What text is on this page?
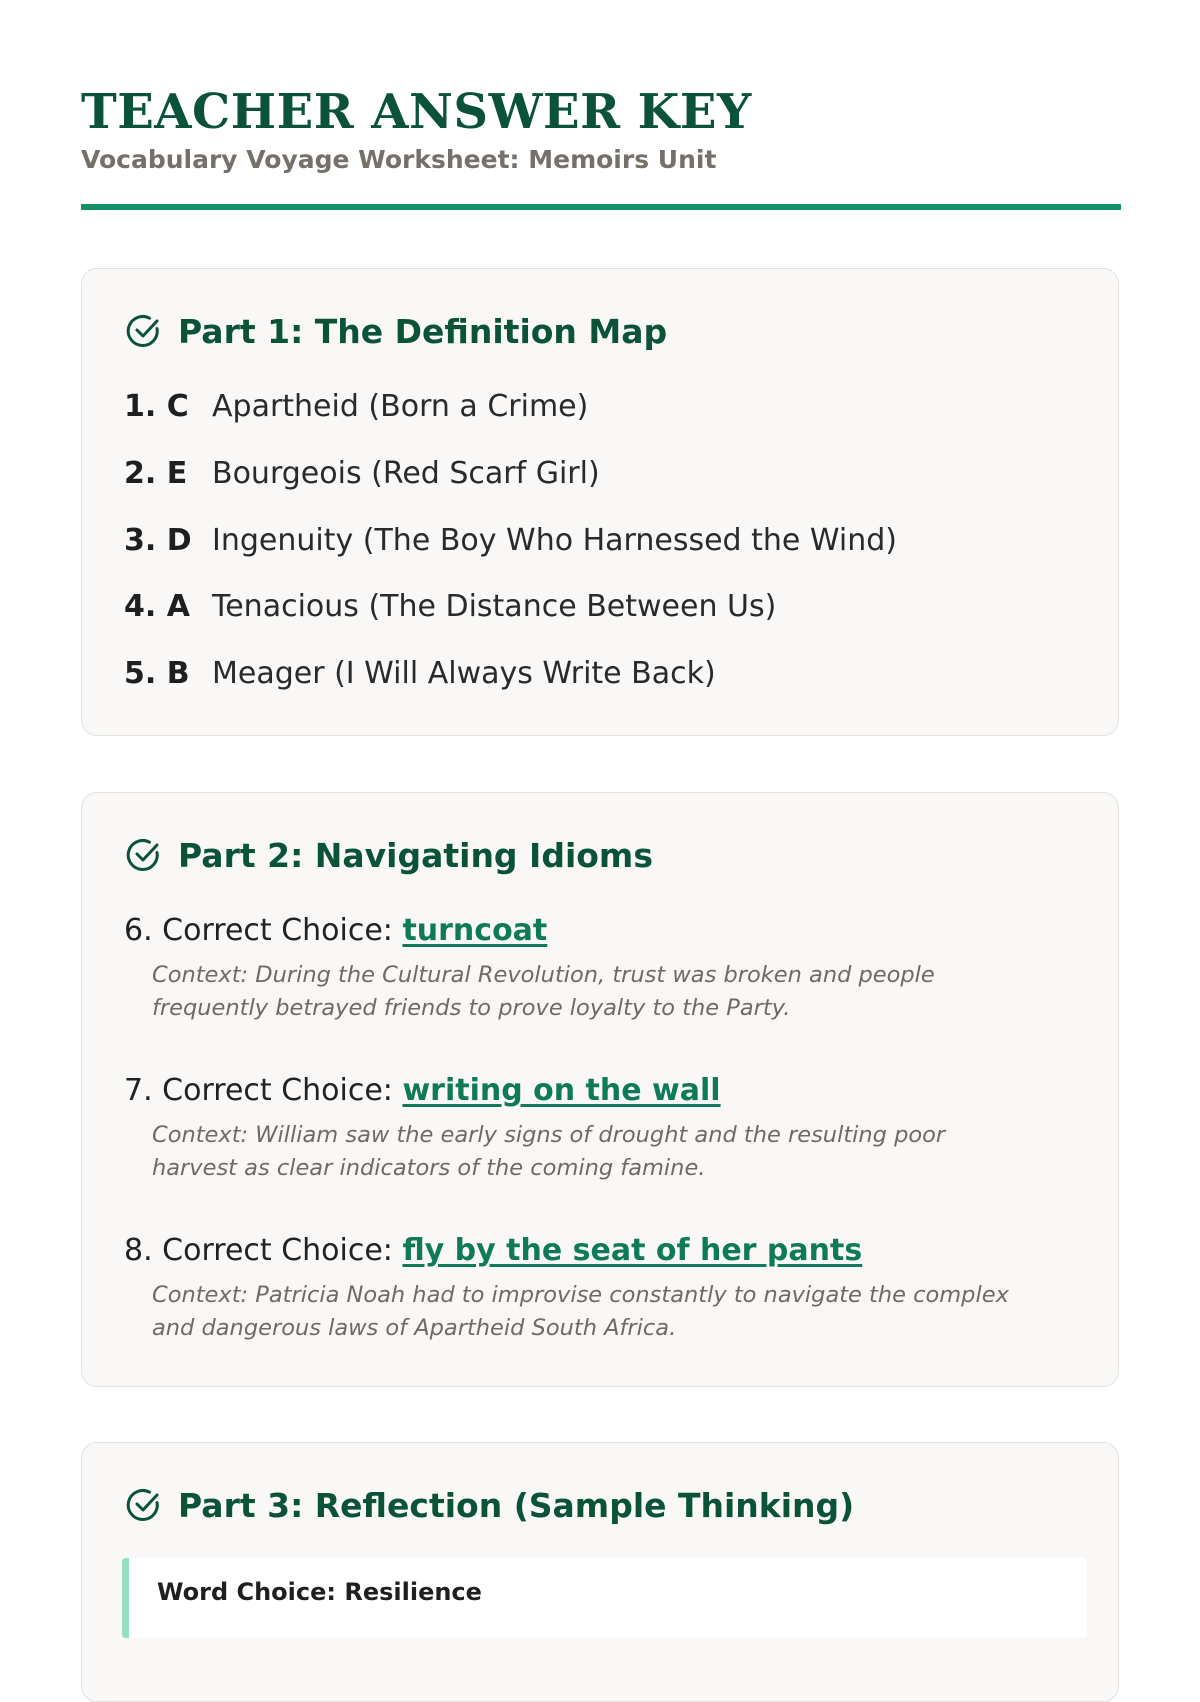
TEACHER ANSWER KEY
Vocabulary Voyage Worksheet: Memoirs Unit
Part 1: The Definition Map
1. C Apartheid (Born a Crime)
2. E Bourgeois (Red Scarf Girl)
3. D Ingenuity (The Boy Who Harnessed the Wind)
4. A Tenacious (The Distance Between Us)
5. B Meager (I Will Always Write Back)
Part 2: Navigating Idioms
6. Correct Choice: turncoat
Context: During the Cultural Revolution, trust was broken and people frequently betrayed friends to prove loyalty to the Party.
7. Correct Choice: writing on the wall
Context: William saw the early signs of drought and the resulting poor harvest as clear indicators of the coming famine.
8. Correct Choice: fly by the seat of her pants
Context: Patricia Noah had to improvise constantly to navigate the complex and dangerous laws of Apartheid South Africa.
Part 3: Reflection (Sample Thinking)
Word Choice: Resilience
